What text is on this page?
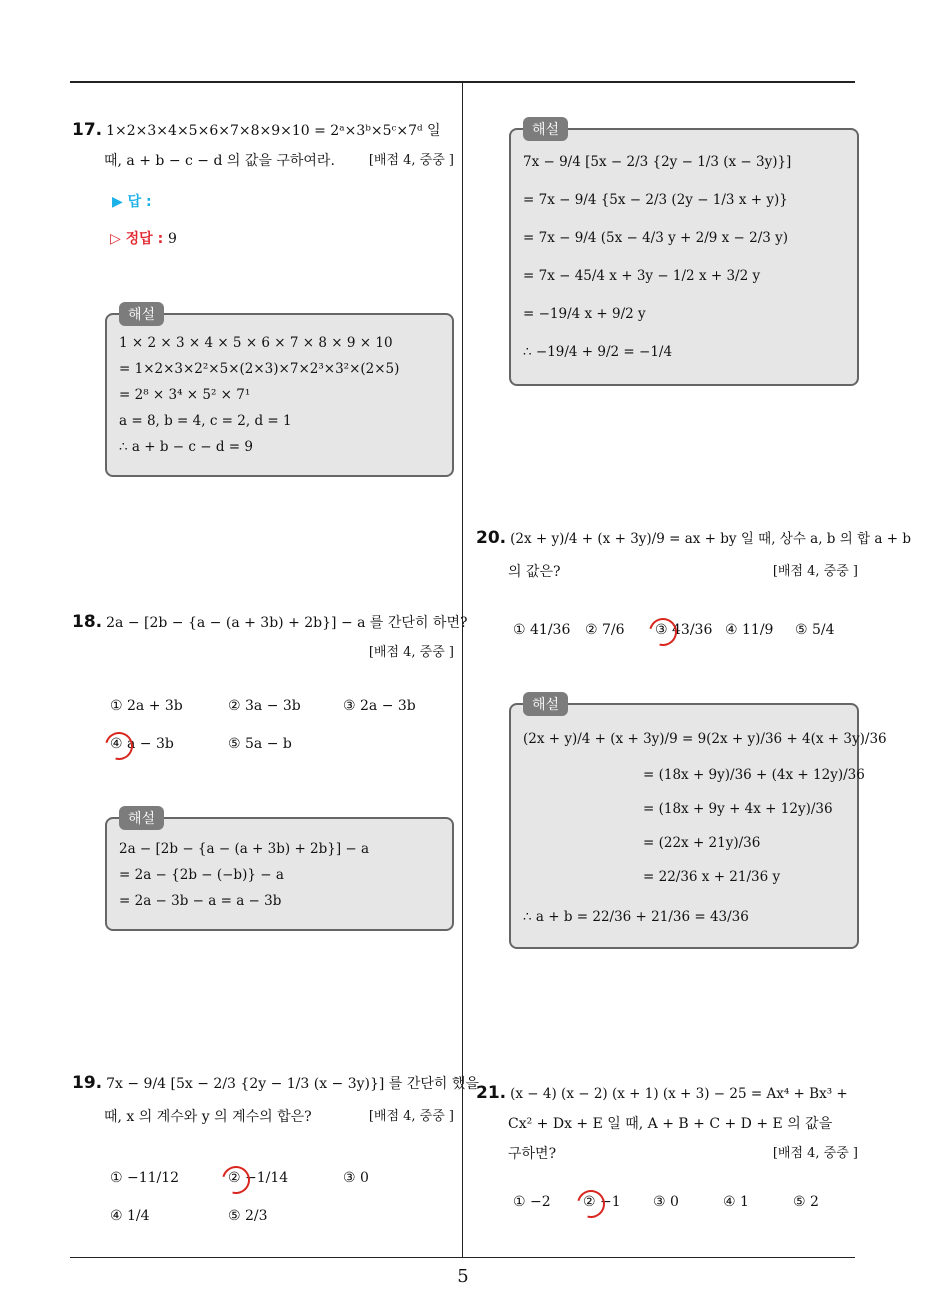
17. 1×2×3×4×5×6×7×8×9×10 = 2ᵃ×3ᵇ×5ᶜ×7ᵈ 일
때, a + b − c − d 의 값을 구하여라.	[배점 4, 중중 ]
▶ 답 :
▷ 정답 : 9
해설
1 × 2 × 3 × 4 × 5 × 6 × 7 × 8 × 9 × 10
= 1×2×3×2²×5×(2×3)×7×2³×3²×(2×5)
= 2⁸ × 3⁴ × 5² × 7¹
a = 8, b = 4, c = 2, d = 1
∴ a + b − c − d = 9
18. 2a − [2b − {a − (a + 3b) + 2b}] − a 를 간단히 하면?
[배점 4, 중중 ]
① 2a + 3b	② 3a − 3b	③ 2a − 3b
④ a − 3b	⑤ 5a − b
해설
2a − [2b − {a − (a + 3b) + 2b}] − a
= 2a − {2b − (−b)} − a
= 2a − 3b − a = a − 3b
19. 7x − 9/4 [5x − 2/3 {2y − 1/3 (x − 3y)}] 를 간단히 했을
때, x 의 계수와 y 의 계수의 합은?	[배점 4, 중중 ]
① −11/12	② −1/14	③ 0
④ 1/4	⑤ 2/3
해설
7x − 9/4 [5x − 2/3 {2y − 1/3 (x − 3y)}]
= 7x − 9/4 {5x − 2/3 (2y − 1/3 x + y)}
= 7x − 9/4 (5x − 4/3 y + 2/9 x − 2/3 y)
= 7x − 45/4 x + 3y − 1/2 x + 3/2 y
= −19/4 x + 9/2 y
∴ −19/4 + 9/2 = −1/4
20. (2x + y)/4 + (x + 3y)/9 = ax + by 일 때, 상수 a, b 의 합 a + b
의 값은?	[배점 4, 중중 ]
① 41/36 ② 7/6 ③ 43/36 ④ 11/9 ⑤ 5/4
해설
(2x + y)/4 + (x + 3y)/9 = 9(2x + y)/36 + 4(x + 3y)/36
= (18x + 9y)/36 + (4x + 12y)/36
= (18x + 9y + 4x + 12y)/36
= (22x + 21y)/36
= 22/36 x + 21/36 y
∴ a + b = 22/36 + 21/36 = 43/36
21. (x − 4) (x − 2) (x + 1) (x + 3) − 25 = Ax⁴ + Bx³ +
Cx² + Dx + E 일 때, A + B + C + D + E 의 값을
구하면?	[배점 4, 중중 ]
① −2 ② −1 ③ 0	④ 1	⑤ 2
5
